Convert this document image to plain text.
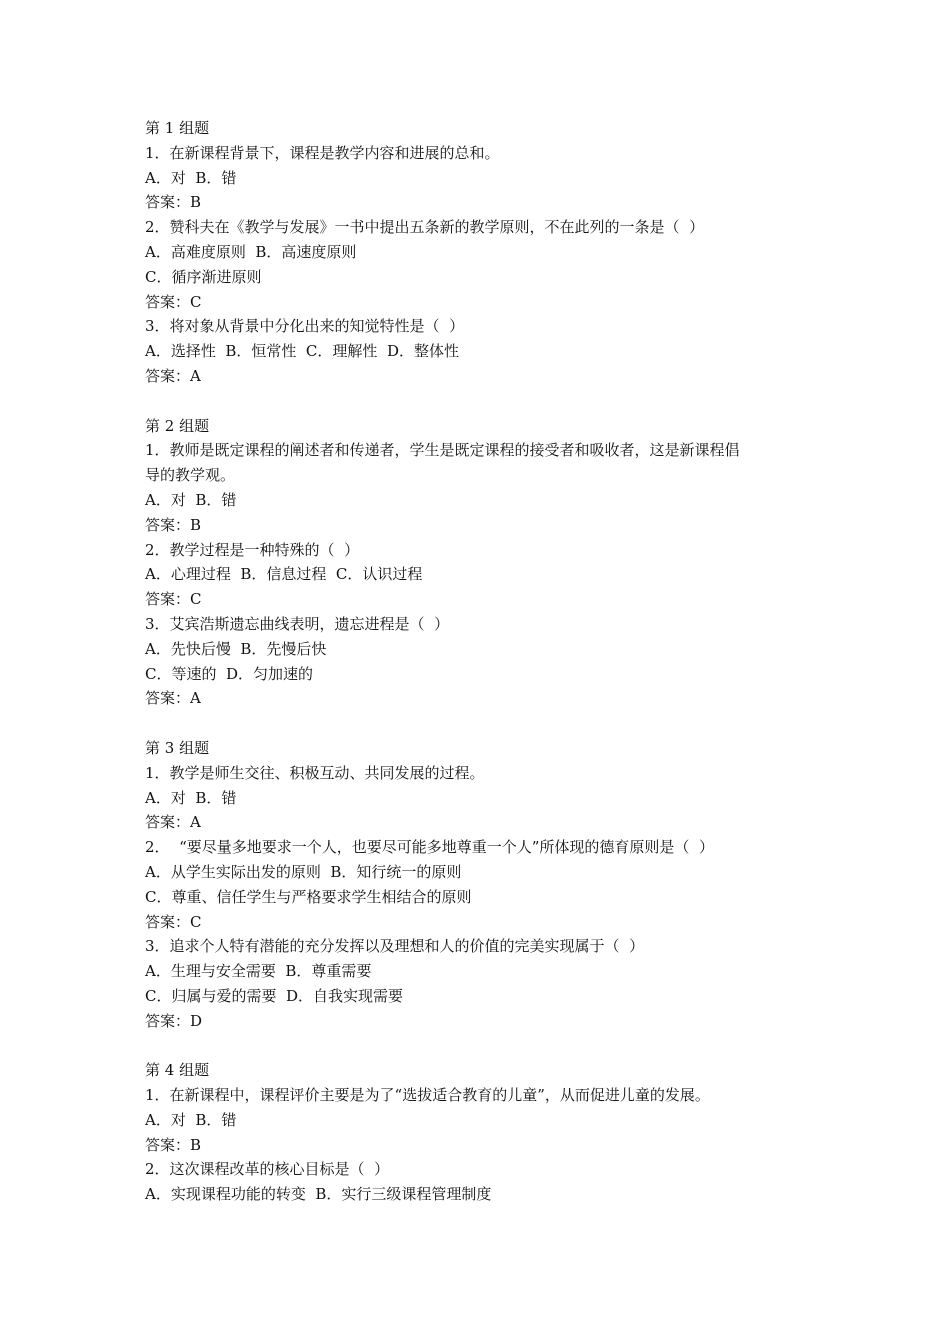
第 1 组题

1．在新课程背景下，课程是教学内容和进展的总和。

A．对  B．错

答案：B

2．赞科夫在《教学与发展》一书中提出五条新的教学原则，不在此列的一条是（  ）

A．高难度原则  B．高速度原则

C．循序渐进原则

答案：C

3．将对象从背景中分化出来的知觉特性是（  ）

A．选择性  B．恒常性  C．理解性  D．整体性

答案：A

第 2 组题

1．教师是既定课程的阐述者和传递者，学生是既定课程的接受者和吸收者，这是新课程倡

导的教学观。

A．对  B．错

答案：B

2．教学过程是一种特殊的（  ）

A．心理过程  B．信息过程  C．认识过程

答案：C

3．艾宾浩斯遗忘曲线表明，遗忘进程是（  ）

A．先快后慢  B．先慢后快

C．等速的  D．匀加速的

答案：A

第 3 组题

1．教学是师生交往、积极互动、共同发展的过程。

A．对  B．错

答案：A

2．  “要尽量多地要求一个人，也要尽可能多地尊重一个人”所体现的德育原则是（  ）

A．从学生实际出发的原则  B．知行统一的原则

C．尊重、信任学生与严格要求学生相结合的原则

答案：C

3．追求个人特有潜能的充分发挥以及理想和人的价值的完美实现属于（  ）

A．生理与安全需要  B．尊重需要

C．归属与爱的需要  D．自我实现需要

答案：D

第 4 组题

1．在新课程中，课程评价主要是为了“选拔适合教育的儿童”，从而促进儿童的发展。

A．对  B．错

答案：B

2．这次课程改革的核心目标是（  ）

A．实现课程功能的转变  B．实行三级课程管理制度
